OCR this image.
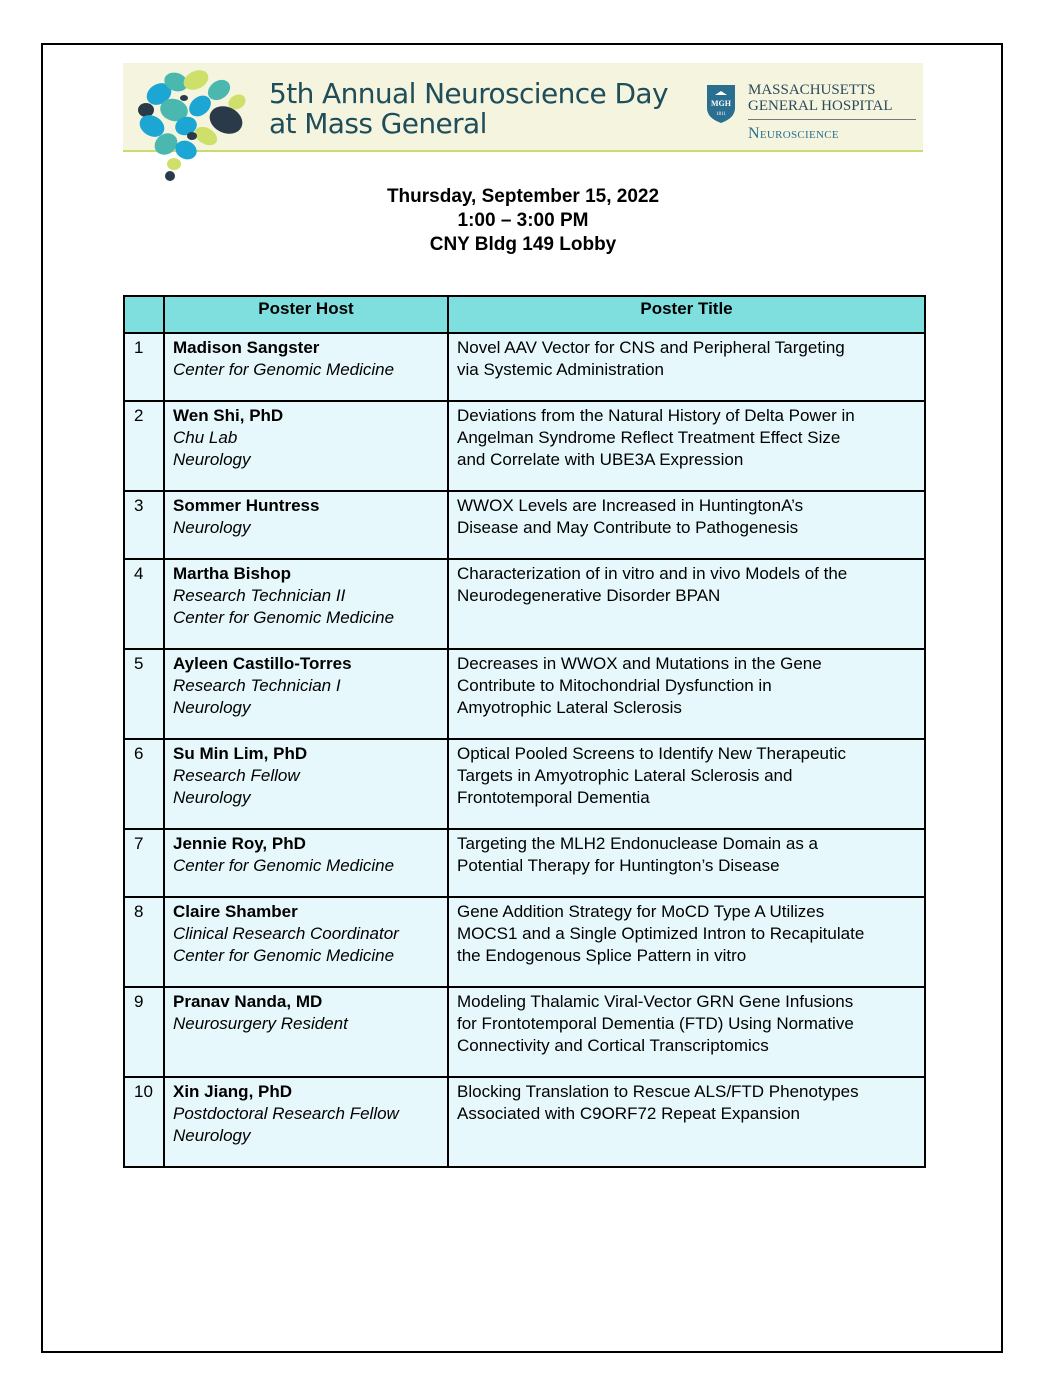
5th Annual Neuroscience Day
at Mass General
MGH
1811
MASSACHUSETTS
GENERAL HOSPITAL
Neuroscience
Thursday, September 15, 2022
1:00 – 3:00 PM
CNY Bldg 149 Lobby
	Poster Host	Poster Title
1	Madison Sangster
Center for Genomic Medicine	Novel AAV Vector for CNS and Peripheral Targeting
via Systemic Administration

2	Wen Shi, PhD
Chu Lab
Neurology	Deviations from the Natural History of Delta Power in
Angelman Syndrome Reflect Treatment Effect Size
and Correlate with UBE3A Expression

3	Sommer Huntress
Neurology	WWOX Levels are Increased in HuntingtonA’s
Disease and May Contribute to Pathogenesis

4	Martha Bishop
Research Technician II
Center for Genomic Medicine	Characterization of in vitro and in vivo Models of the
Neurodegenerative Disorder BPAN

5	Ayleen Castillo-Torres
Research Technician I
Neurology	Decreases in WWOX and Mutations in the Gene
Contribute to Mitochondrial Dysfunction in
Amyotrophic Lateral Sclerosis

6	Su Min Lim, PhD
Research Fellow
Neurology	Optical Pooled Screens to Identify New Therapeutic
Targets in Amyotrophic Lateral Sclerosis and
Frontotemporal Dementia

7	Jennie Roy, PhD
Center for Genomic Medicine	Targeting the MLH2 Endonuclease Domain as a
Potential Therapy for Huntington’s Disease

8	Claire Shamber
Clinical Research Coordinator
Center for Genomic Medicine	Gene Addition Strategy for MoCD Type A Utilizes
MOCS1 and a Single Optimized Intron to Recapitulate
the Endogenous Splice Pattern in vitro

9	Pranav Nanda, MD
Neurosurgery Resident	Modeling Thalamic Viral-Vector GRN Gene Infusions
for Frontotemporal Dementia (FTD) Using Normative
Connectivity and Cortical Transcriptomics

10	Xin Jiang, PhD
Postdoctoral Research Fellow
Neurology	Blocking Translation to Rescue ALS/FTD Phenotypes
Associated with C9ORF72 Repeat Expansion
